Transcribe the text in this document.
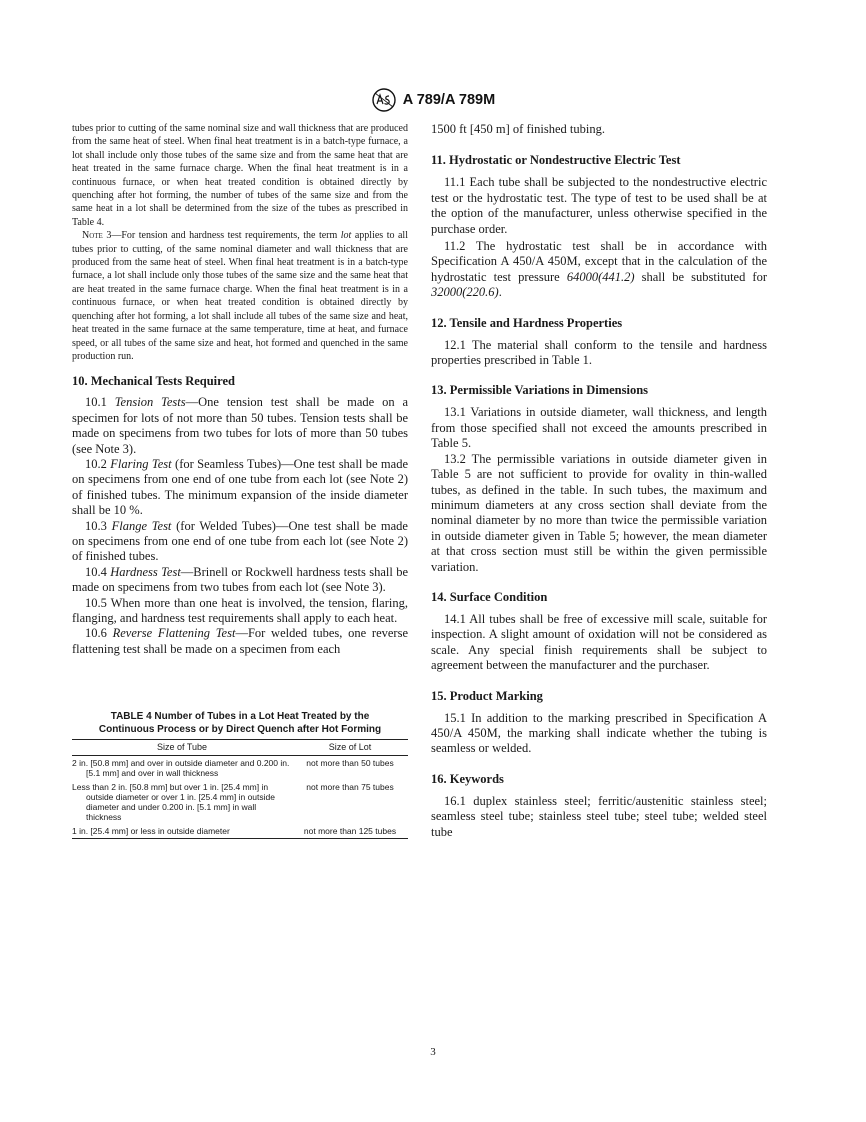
A 789/A 789M

tubes prior to cutting of the same nominal size and wall thickness that are produced from the same heat of steel. When final heat treatment is in a batch-type furnace, a lot shall include only those tubes of the same size and from the same heat that are heat treated in the same furnace charge. When the final heat treatment is in a continuous furnace, or when heat treated condition is obtained directly by quenching after hot forming, the number of tubes of the same size and from the same heat in a lot shall be determined from the size of the tubes as prescribed in Table 4.

Note 3—For tension and hardness test requirements, the term lot applies to all tubes prior to cutting, of the same nominal diameter and wall thickness that are produced from the same heat of steel. When final heat treatment is in a batch-type furnace, a lot shall include only those tubes of the same size and the same heat that are heat treated in the same furnace charge. When the final heat treatment is in a continuous furnace, or when heat treated condition is obtained directly by quenching after hot forming, a lot shall include all tubes of the same size and heat, heat treated in the same furnace at the same temperature, time at heat, and furnace speed, or all tubes of the same size and heat, hot formed and quenched in the same production run.

10. Mechanical Tests Required

10.1 Tension Tests—One tension test shall be made on a specimen for lots of not more than 50 tubes. Tension tests shall be made on specimens from two tubes for lots of more than 50 tubes (see Note 3).

10.2 Flaring Test (for Seamless Tubes)—One test shall be made on specimens from one end of one tube from each lot (see Note 2) of finished tubes. The minimum expansion of the inside diameter shall be 10 %.

10.3 Flange Test (for Welded Tubes)—One test shall be made on specimens from one end of one tube from each lot (see Note 2) of finished tubes.

10.4 Hardness Test—Brinell or Rockwell hardness tests shall be made on specimens from two tubes from each lot (see Note 3).

10.5 When more than one heat is involved, the tension, flaring, flanging, and hardness test requirements shall apply to each heat.

10.6 Reverse Flattening Test—For welded tubes, one reverse flattening test shall be made on a specimen from each

TABLE 4 Number of Tubes in a Lot Heat Treated by the
Continuous Process or by Direct Quench after Hot Forming
Size of Tube	Size of Lot

2 in. [50.8 mm] and over in outside diameter and 0.200 in. [5.1 mm] and over in wall thickness	not more than 50 tubes

Less than 2 in. [50.8 mm] but over 1 in. [25.4 mm] in outside diameter or over 1 in. [25.4 mm] in outside diameter and under 0.200 in. [5.1 mm] in wall thickness	not more than 75 tubes

1 in. [25.4 mm] or less in outside diameter	not more than 125 tubes

1500 ft [450 m] of finished tubing.

11. Hydrostatic or Nondestructive Electric Test

11.1 Each tube shall be subjected to the nondestructive electric test or the hydrostatic test. The type of test to be used shall be at the option of the manufacturer, unless otherwise specified in the purchase order.

11.2 The hydrostatic test shall be in accordance with Specification A 450/A 450M, except that in the calculation of the hydrostatic test pressure 64000(441.2) shall be substituted for 32000(220.6).

12. Tensile and Hardness Properties

12.1 The material shall conform to the tensile and hardness properties prescribed in Table 1.

13. Permissible Variations in Dimensions

13.1 Variations in outside diameter, wall thickness, and length from those specified shall not exceed the amounts prescribed in Table 5.

13.2 The permissible variations in outside diameter given in Table 5 are not sufficient to provide for ovality in thin-walled tubes, as defined in the table. In such tubes, the maximum and minimum diameters at any cross section shall deviate from the nominal diameter by no more than twice the permissible variation in outside diameter given in Table 5; however, the mean diameter at that cross section must still be within the given permissible variation.

14. Surface Condition

14.1 All tubes shall be free of excessive mill scale, suitable for inspection. A slight amount of oxidation will not be considered as scale. Any special finish requirements shall be subject to agreement between the manufacturer and the purchaser.

15. Product Marking

15.1 In addition to the marking prescribed in Specification A 450/A 450M, the marking shall indicate whether the tubing is seamless or welded.

16. Keywords

16.1 duplex stainless steel; ferritic/austenitic stainless steel; seamless steel tube; stainless steel tube; steel tube; welded steel tube

3
